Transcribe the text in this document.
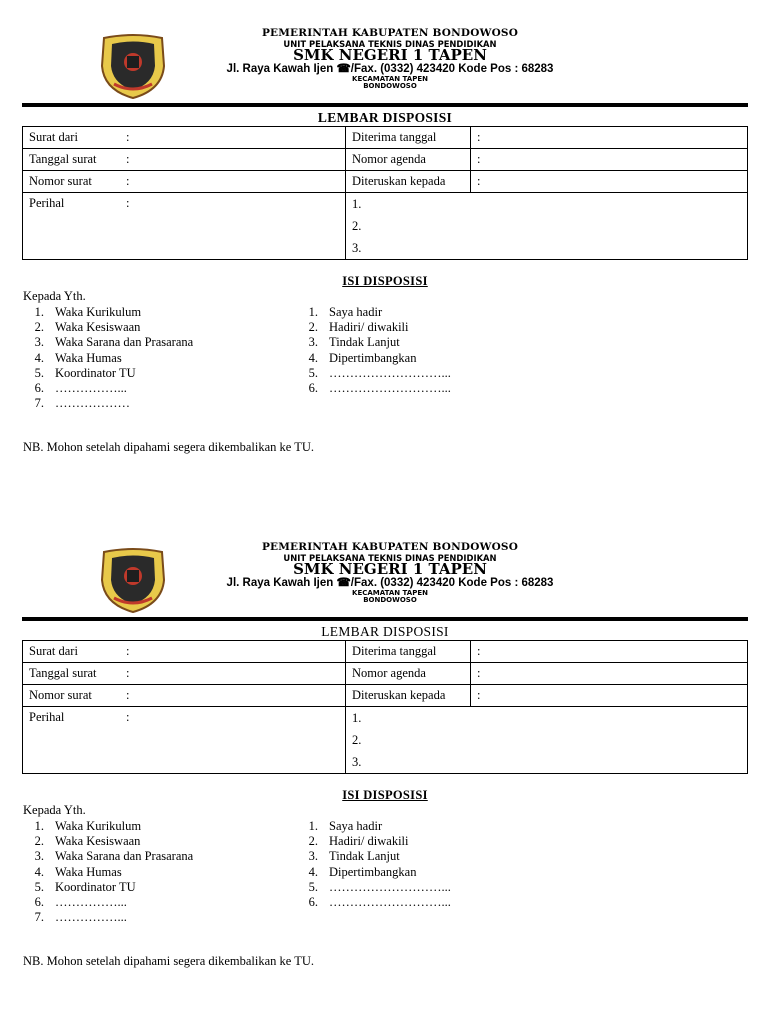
PEMERINTAH KABUPATEN BONDOWOSO
UNIT PELAKSANA TEKNIS DINAS PENDIDIKAN
SMK NEGERI 1 TAPEN
Jl. Raya Kawah Ijen ☎/Fax. (0332) 423420 Kode Pos : 68283
KECAMATAN TAPEN
BONDOWOSO
LEMBAR DISPOSISI
Surat dari :	Diterima tanggal	:
Tanggal surat :	Nomor agenda	:
Nomor surat :	Diteruskan kepada	:
Perihal :	1.
2.
3.	
ISI DISPOSISI
Kepada Yth.
1. Waka Kurikulum
2. Waka Kesiswaan
3. Waka Sarana dan Prasarana
4. Waka Humas
5. Koordinator TU
6. ……………...
7. ………………
1. Saya hadir
2. Hadiri/ diwakili
3. Tindak Lanjut
4. Dipertimbangkan
5. ………………………...
6. ………………………...
NB. Mohon setelah dipahami segera dikembalikan ke TU.
PEMERINTAH KABUPATEN BONDOWOSO
UNIT PELAKSANA TEKNIS DINAS PENDIDIKAN
SMK NEGERI 1 TAPEN
Jl. Raya Kawah Ijen ☎/Fax. (0332) 423420 Kode Pos : 68283
KECAMATAN TAPEN
BONDOWOSO
LEMBAR DISPOSISI
Surat dari :	Diterima tanggal	:
Tanggal surat :	Nomor agenda	:
Nomor surat :	Diteruskan kepada	:
Perihal :	1.
2.
3.	
ISI DISPOSISI
Kepada Yth.
1. Waka Kurikulum
2. Waka Kesiswaan
3. Waka Sarana dan Prasarana
4. Waka Humas
5. Koordinator TU
6. ……………...
7. ……………...
1. Saya hadir
2. Hadiri/ diwakili
3. Tindak Lanjut
4. Dipertimbangkan
5. ………………………...
6. ………………………...
NB. Mohon setelah dipahami segera dikembalikan ke TU.
